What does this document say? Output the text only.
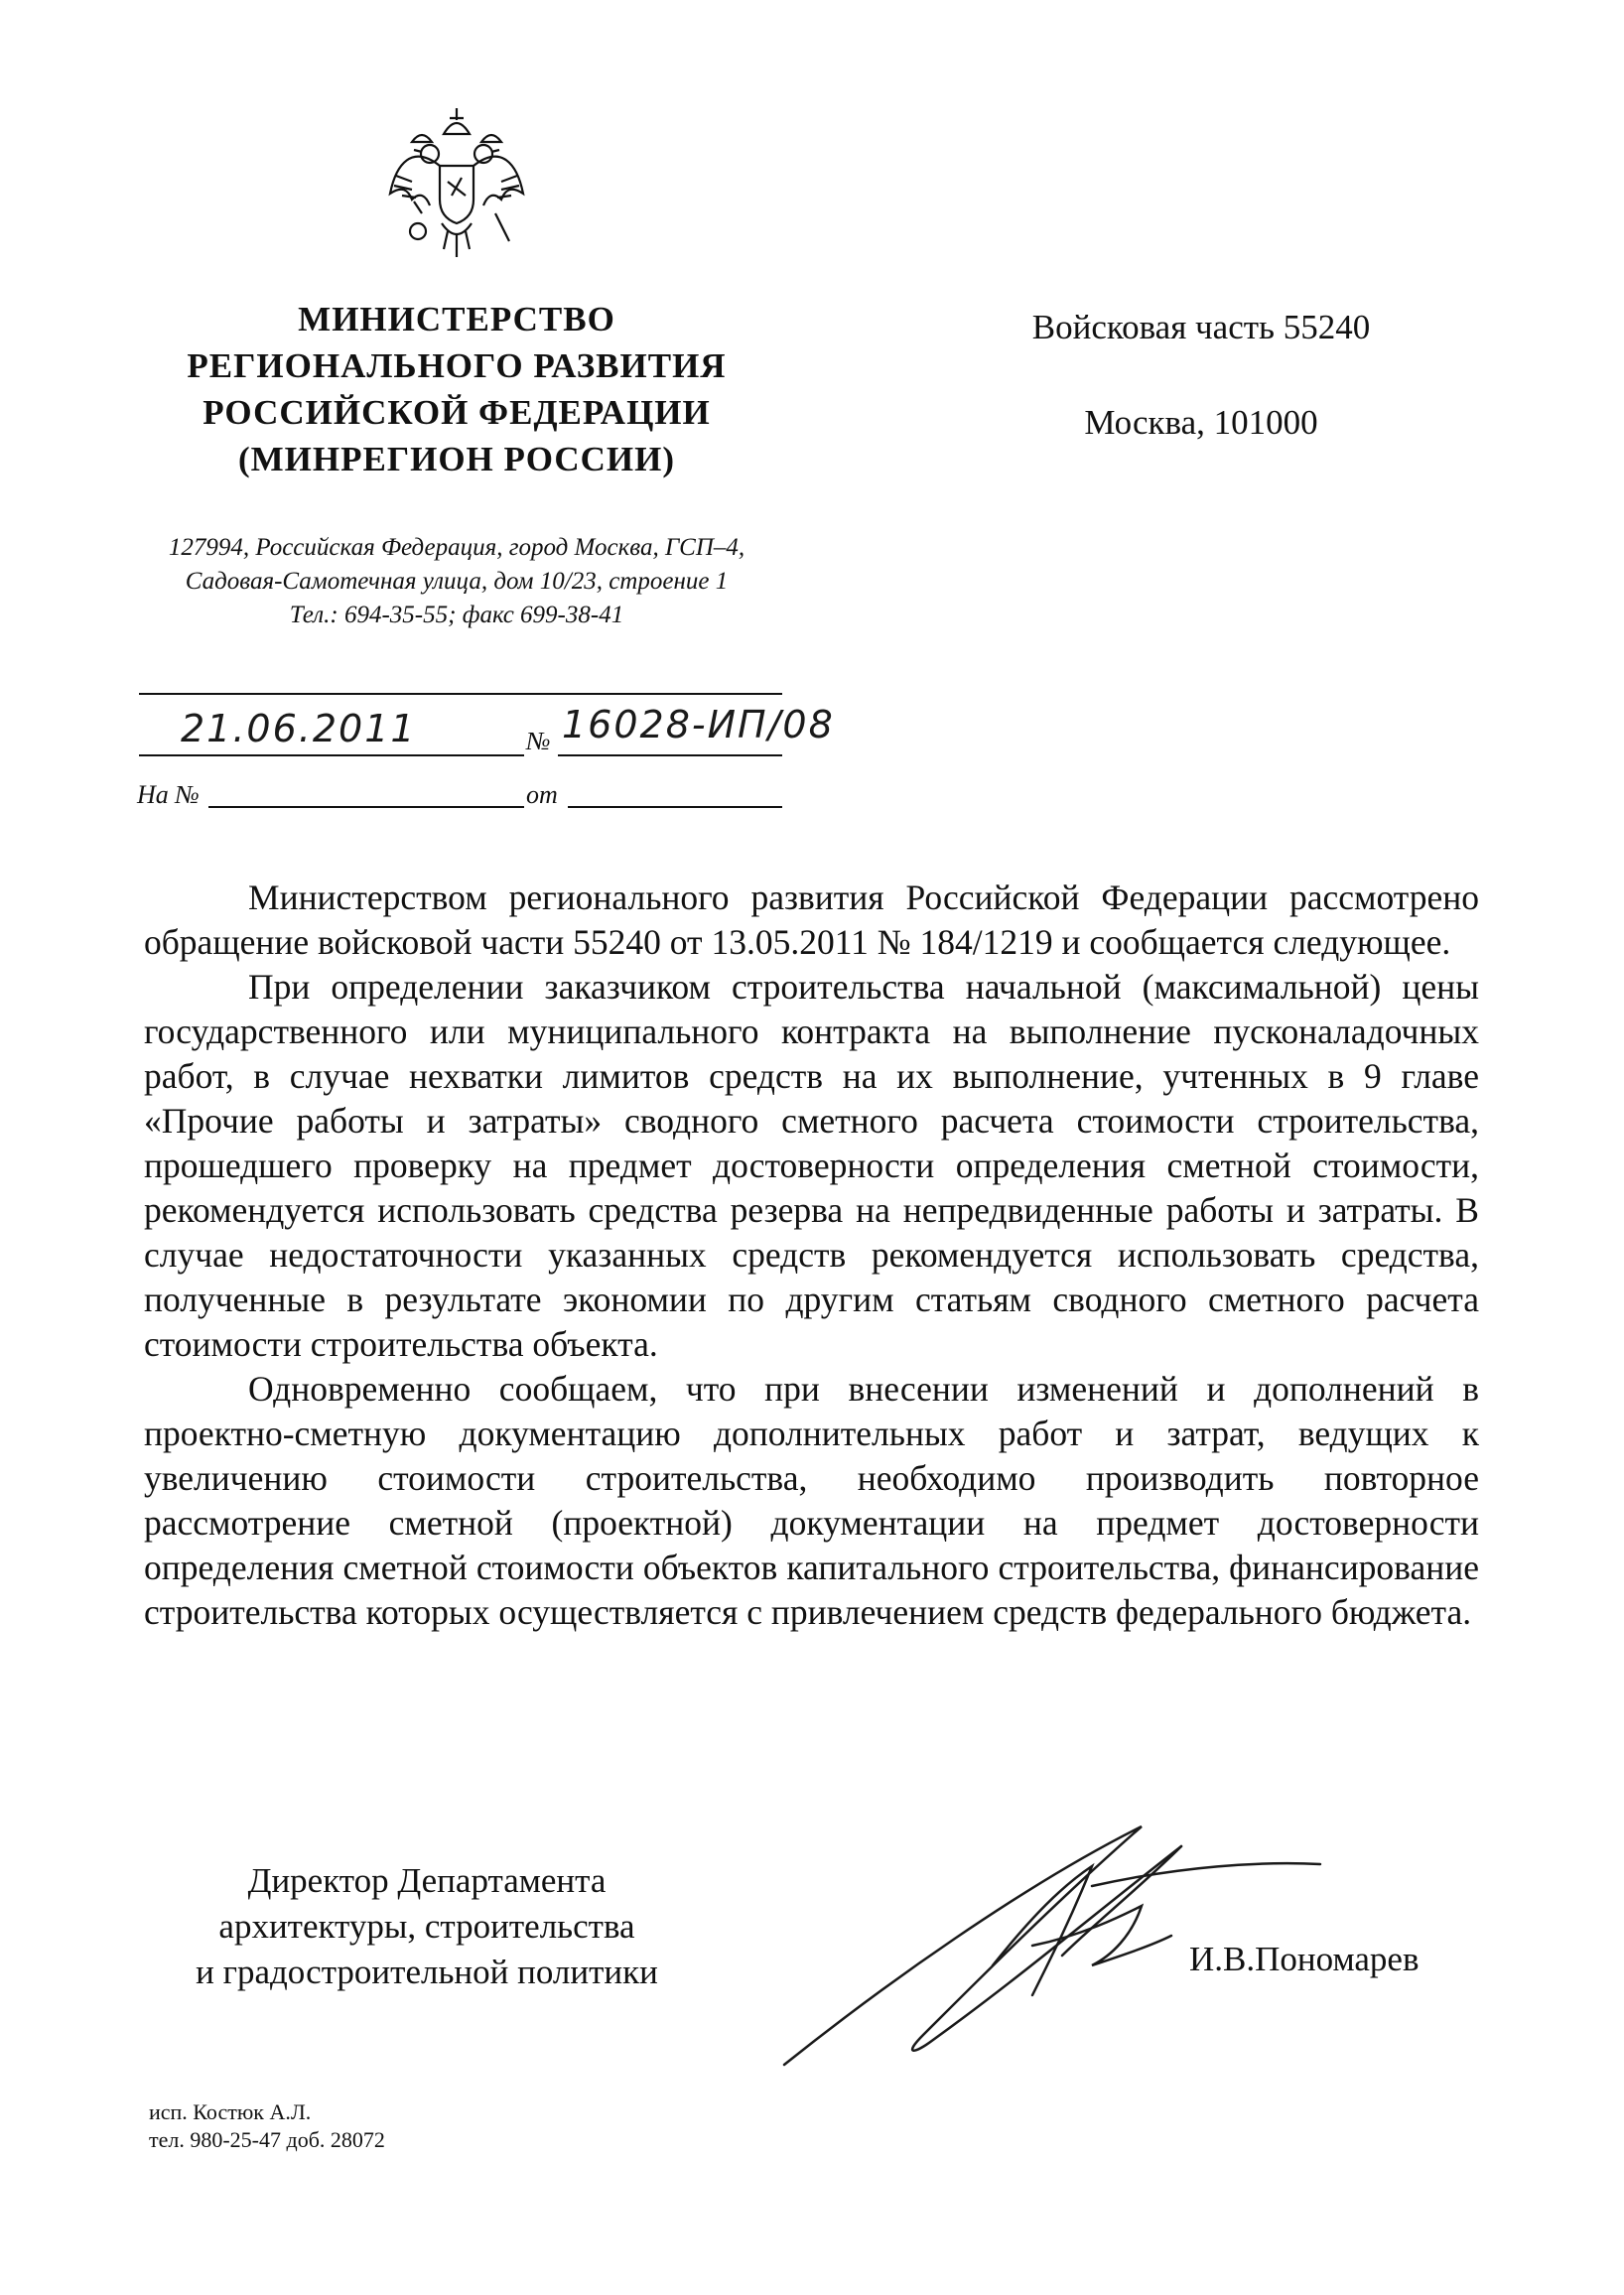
МИНИСТЕРСТВО
РЕГИОНАЛЬНОГО РАЗВИТИЯ
РОССИЙСКОЙ ФЕДЕРАЦИИ
(МИНРЕГИОН РОССИИ)
127994, Российская Федерация, город Москва, ГСП–4,
Садовая-Самотечная улица, дом 10/23, строение 1
Тел.: 694-35-55; факс 699-38-41
Войсковая часть 55240
Москва, 101000
21.06.2011	№ 16028-ИП/08
На №	от

Министерством регионального развития Российской Федерации рассмотрено обращение войсковой части 55240 от 13.05.2011 № 184/1219 и сообщается следующее.

При определении заказчиком строительства начальной (максимальной) цены государственного или муниципального контракта на выполнение пусконаладочных работ, в случае нехватки лимитов средств на их выполнение, учтенных в 9 главе «Прочие работы и затраты» сводного сметного расчета стоимости строительства, прошедшего проверку на предмет достоверности определения сметной стоимости, рекомендуется использовать средства резерва на непредвиденные работы и затраты. В случае недостаточности указанных средств рекомендуется использовать средства, полученные в результате экономии по другим статьям сводного сметного расчета стоимости строительства объекта.

Одновременно сообщаем, что при внесении изменений и дополнений в проектно-сметную документацию дополнительных работ и затрат, ведущих к увеличению стоимости строительства, необходимо производить повторное рассмотрение сметной (проектной) документации на предмет достоверности определения сметной стоимости объектов капитального строительства, финансирование строительства которых осуществляется с привлечением средств федерального бюджета.

Директор Департамента
архитектуры, строительства
и градостроительной политики	И.В.Пономарев
исп. Костюк А.Л.
тел. 980-25-47 доб. 28072
